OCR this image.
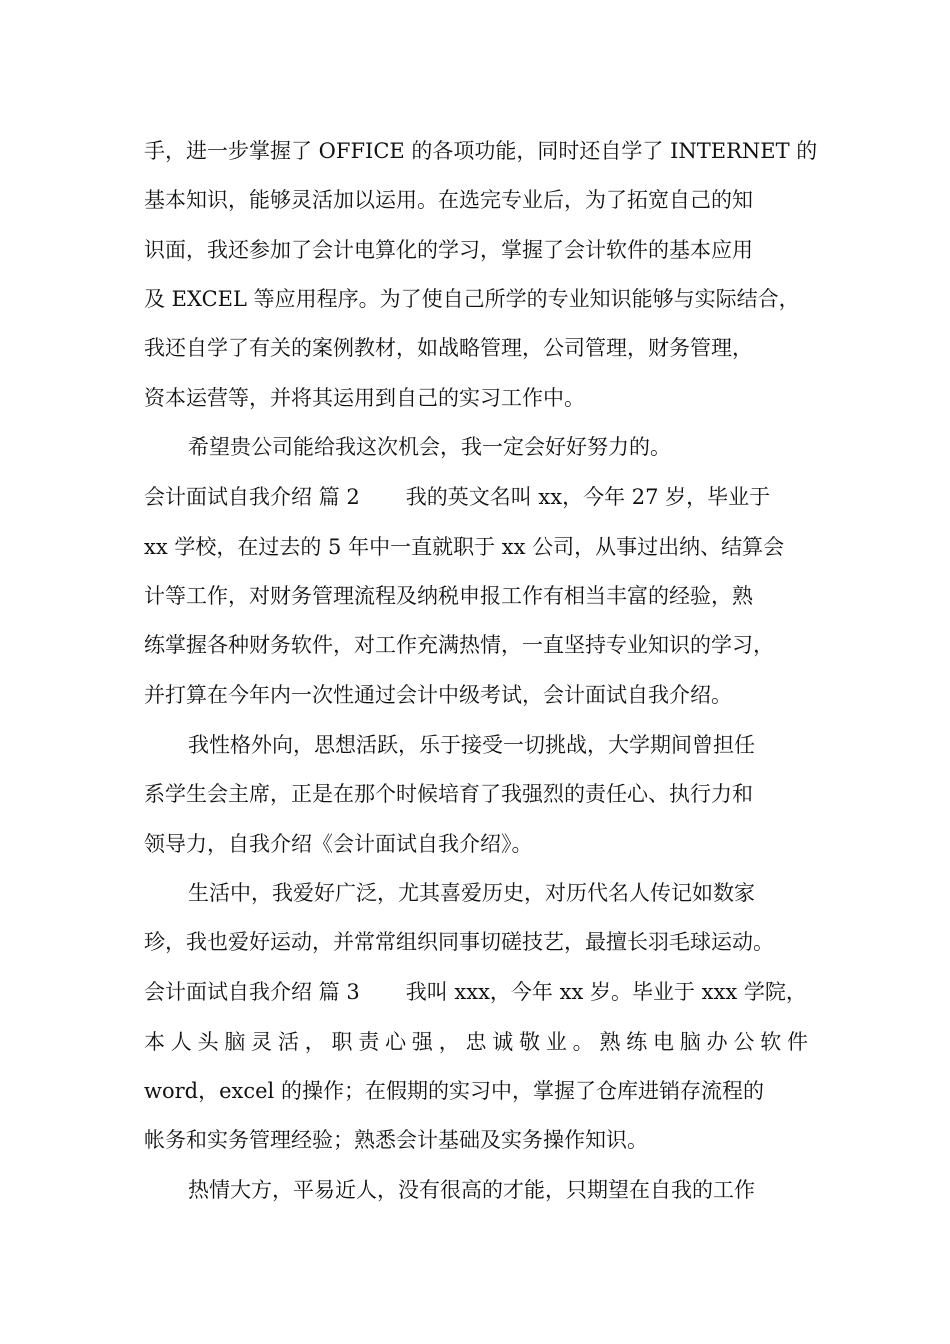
手，进一步掌握了 OFFICE 的各项功能，同时还自学了 INTERNET 的
基本知识，能够灵活加以运用。在选完专业后，为了拓宽自己的知
识面，我还参加了会计电算化的学习，掌握了会计软件的基本应用
及 EXCEL 等应用程序。为了使自己所学的专业知识能够与实际结合，
我还自学了有关的案例教材，如战略管理，公司管理，财务管理，
资本运营等，并将其运用到自己的实习工作中。
希望贵公司能给我这次机会，我一定会好好努力的。
会计面试自我介绍 篇 2 我的英文名叫 xx，今年 27 岁，毕业于
xx 学校，在过去的 5 年中一直就职于 xx 公司，从事过出纳、结算会
计等工作，对财务管理流程及纳税申报工作有相当丰富的经验，熟
练掌握各种财务软件，对工作充满热情，一直坚持专业知识的学习，
并打算在今年内一次性通过会计中级考试，会计面试自我介绍。
我性格外向，思想活跃，乐于接受一切挑战，大学期间曾担任
系学生会主席，正是在那个时候培育了我强烈的责任心、执行力和
领导力，自我介绍《会计面试自我介绍》。
生活中，我爱好广泛，尤其喜爱历史，对历代名人传记如数家
珍，我也爱好运动，并常常组织同事切磋技艺，最擅长羽毛球运动。
会计面试自我介绍 篇 3 我叫 xxx，今年 xx 岁。毕业于 xxx 学院，
本人头脑灵活，职责心强，忠诚敬业。熟练电脑办公软件
word，excel 的操作；在假期的实习中，掌握了仓库进销存流程的
帐务和实务管理经验；熟悉会计基础及实务操作知识。
热情大方，平易近人，没有很高的才能，只期望在自我的工作
